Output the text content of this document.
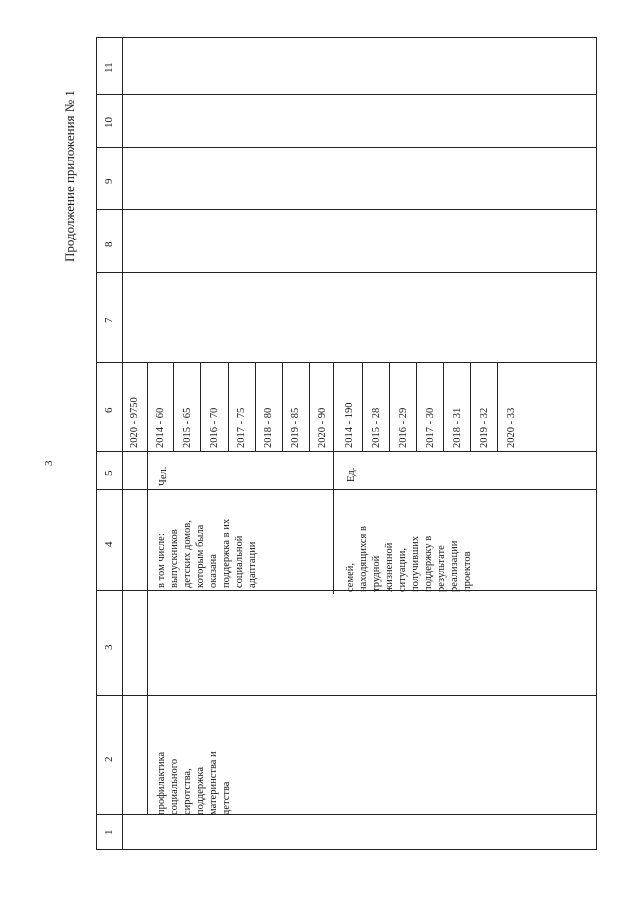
3
Продолжение приложения № 1
1
2
3
4
5
6
7
8
9
10
11
профилактика
социального
сиротства,
поддержка
материнства и
детства
в том числе:
выпускников
детских домов,
которым была
оказана
поддержка в их
социальной
адаптации
Чел.
2020 - 9750 2014 - 60 2015 - 65 2016 - 70 2017 - 75 2018 - 80 2019 - 85 2020 - 90
семей,
находящихся в
трудной
жизненной
ситуации,
получивших
поддержку в
результате
реализации
проектов
Ед.
2014 - 190 2015 - 28 2016 - 29 2017 - 30 2018 - 31 2019 - 32 2020 - 33
